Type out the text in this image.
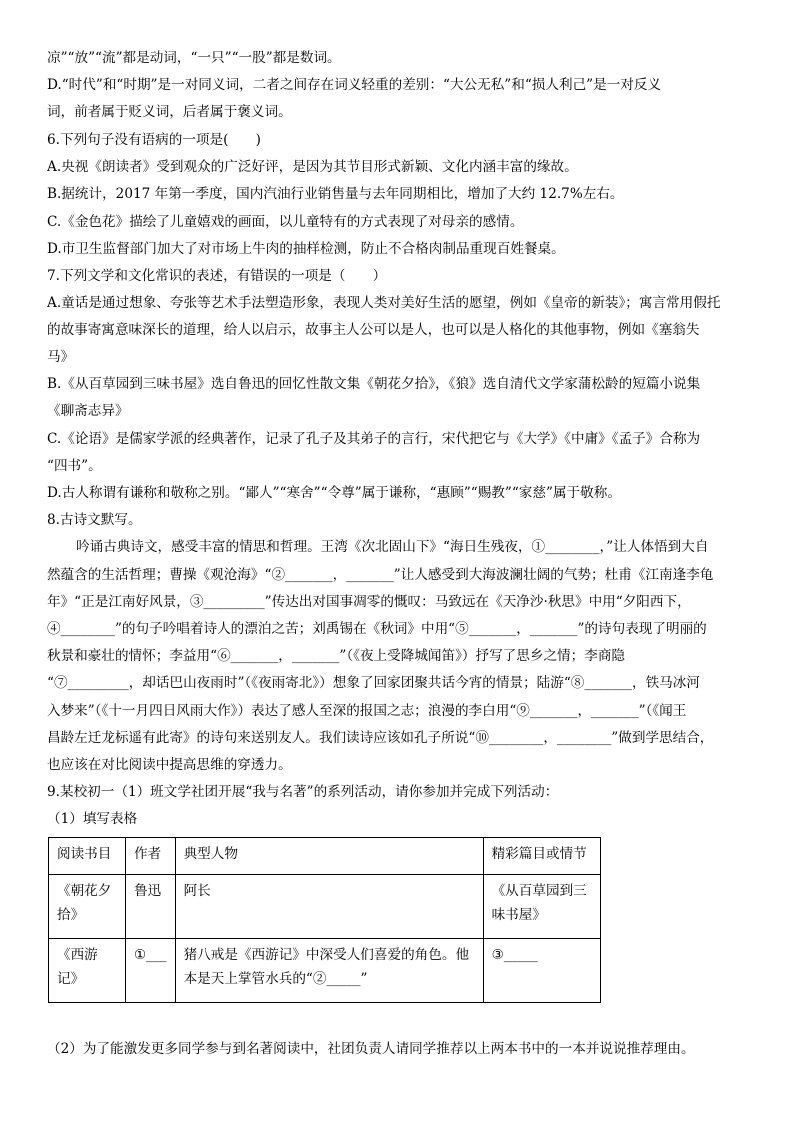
凉”“放”“流”都是动词，“一只”“一股”都是数词。
D.“时代”和“时期”是一对同义词，二者之间存在词义轻重的差别：“大公无私”和“损人利己”是一对反义
词，前者属于贬义词，后者属于褒义词。
6.下列句子没有语病的一项是(　　)
A.央视《朗读者》受到观众的广泛好评，是因为其节目形式新颖、文化内涵丰富的缘故。
B.据统计，2017 年第一季度，国内汽油行业销售量与去年同期相比，增加了大约 12.7%左右。
C.《金色花》描绘了儿童嬉戏的画面，以儿童特有的方式表现了对母亲的感情。
D.市卫生监督部门加大了对市场上牛肉的抽样检测，防止不合格肉制品重现百姓餐桌。
7.下列文学和文化常识的表述，有错误的一项是（　　）
A.童话是通过想象、夸张等艺术手法塑造形象，表现人类对美好生活的愿望，例如《皇帝的新装》；寓言常用假托
的故事寄寓意味深长的道理，给人以启示，故事主人公可以是人，也可以是人格化的其他事物，例如《塞翁失
马》
B.《从百草园到三味书屋》选自鲁迅的回忆性散文集《朝花夕拾》，《狼》选自清代文学家蒲松龄的短篇小说集
《聊斋志异》
C.《论语》是儒家学派的经典著作，记录了孔子及其弟子的言行，宋代把它与《大学》《中庸》《孟子》合称为
“四书”。
D.古人称谓有谦称和敬称之别。“鄙人”“寒舍”“令尊”属于谦称，“惠顾”“赐教”“家慈”属于敬称。
8.古诗文默写。
吟诵古典诗文，感受丰富的情思和哲理。王湾《次北固山下》“海日生残夜，①________，”让人体悟到大自
然蕴含的生活哲理；曹操《观沧海》“②_______，_______”让人感受到大海波澜壮阔的气势；杜甫《江南逢李龟
年》“正是江南好风景，③_________”传达出对国事凋零的慨叹：马致远在《天净沙·秋思》中用“夕阳西下，
④________”的句子吟唱着诗人的漂泊之苦；刘禹锡在《秋词》中用“⑤_______，_______”的诗句表现了明丽的
秋景和豪壮的情怀；李益用“⑥_______，_______”（《夜上受降城闻笛》）抒写了思乡之情；李商隐
“⑦_________，却话巴山夜雨时”（《夜雨寄北》）想象了回家团聚共话今宵的情景；陆游“⑧_______，铁马冰河
入梦来”（《十一月四日风雨大作》）表达了感人至深的报国之志；浪漫的李白用“⑨_______，_______”（《闻王
昌龄左迁龙标遥有此寄》的诗句来送别友人。我们读诗应该如孔子所说“⑩________，________”做到学思结合，
也应该在对比阅读中提高思维的穿透力。
9.某校初一（1）班文学社团开展“我与名著”的系列活动，请你参加并完成下列活动：
（1）填写表格
阅读书目	作者	典型人物	精彩篇目或情节
《朝花夕拾》	鲁迅	阿长	《从百草园到三味书屋》
《西游记》	①___	猪八戒是《西游记》中深受人们喜爱的角色。他本是天上掌管水兵的“②_____”	③_____
（2）为了能激发更多同学参与到名著阅读中，社团负责人请同学推荐以上两本书中的一本并说说推荐理由。
